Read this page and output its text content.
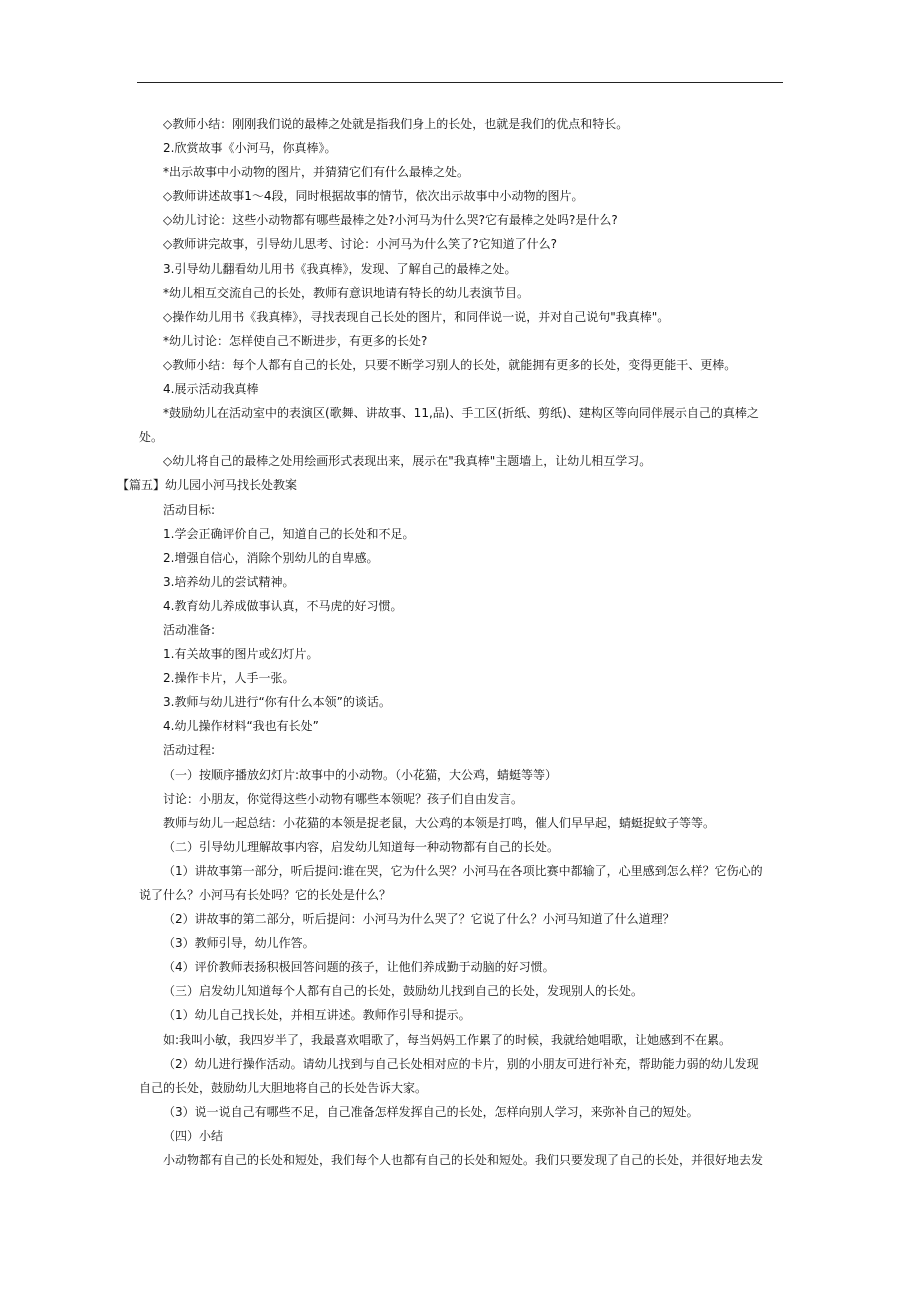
◇教师小结：刚刚我们说的最棒之处就是指我们身上的长处，也就是我们的优点和特长。
2.欣赏故事《小河马，你真棒》。
*出示故事中小动物的图片，并猜猜它们有什么最棒之处。
◇教师讲述故事1～4段，同时根据故事的情节，依次出示故事中小动物的图片。
◇幼儿讨论：这些小动物都有哪些最棒之处?小河马为什么哭?它有最棒之处吗?是什么?
◇教师讲完故事，引导幼儿思考、讨论：小河马为什么笑了?它知道了什么?
3.引导幼儿翻看幼儿用书《我真棒》，发现、了解自己的最棒之处。
*幼儿相互交流自己的长处，教师有意识地请有特长的幼儿表演节目。
◇操作幼儿用书《我真棒》，寻找表现自己长处的图片，和同伴说一说，并对自己说句"我真棒"。
*幼儿讨论：怎样使自己不断进步，有更多的长处?
◇教师小结：每个人都有自己的长处，只要不断学习别人的长处，就能拥有更多的长处，变得更能干、更棒。
4.展示活动我真棒
*鼓励幼儿在活动室中的表演区(歌舞、讲故事、11,品)、手工区(折纸、剪纸)、建构区等向同伴展示自己的真棒之
处。
◇幼儿将自己的最棒之处用绘画形式表现出来，展示在"我真棒"主题墙上，让幼儿相互学习。
【篇五】幼儿园小河马找长处教案
活动目标:
1.学会正确评价自己，知道自己的长处和不足。
2.增强自信心，消除个别幼儿的自卑感。
3.培养幼儿的尝试精神。
4.教育幼儿养成做事认真，不马虎的好习惯。
活动准备:
1.有关故事的图片或幻灯片。
2.操作卡片，人手一张。
3.教师与幼儿进行“你有什么本领”的谈话。
4.幼儿操作材料“我也有长处”
活动过程:
（一）按顺序播放幻灯片:故事中的小动物。（小花猫，大公鸡，蜻蜓等等）
讨论：小朋友，你觉得这些小动物有哪些本领呢？孩子们自由发言。
教师与幼儿一起总结：小花猫的本领是捉老鼠，大公鸡的本领是打鸣，催人们早早起，蜻蜓捉蚊子等等。
（二）引导幼儿理解故事内容，启发幼儿知道每一种动物都有自己的长处。
（1）讲故事第一部分，听后提问:谁在哭，它为什么哭？小河马在各项比赛中都输了，心里感到怎么样？它伤心的
说了什么？小河马有长处吗？它的长处是什么？
（2）讲故事的第二部分，听后提问：小河马为什么哭了？它说了什么？小河马知道了什么道理？
（3）教师引导，幼儿作答。
（4）评价教师表扬积极回答问题的孩子，让他们养成勤于动脑的好习惯。
（三）启发幼儿知道每个人都有自己的长处，鼓励幼儿找到自己的长处，发现别人的长处。
（1）幼儿自己找长处，并相互讲述。教师作引导和提示。
如:我叫小敏，我四岁半了，我最喜欢唱歌了，每当妈妈工作累了的时候，我就给她唱歌，让她感到不在累。
（2）幼儿进行操作活动。请幼儿找到与自己长处相对应的卡片，别的小朋友可进行补充，帮助能力弱的幼儿发现
自己的长处，鼓励幼儿大胆地将自己的长处告诉大家。
（3）说一说自己有哪些不足，自己准备怎样发挥自己的长处，怎样向别人学习，来弥补自己的短处。
（四）小结
小动物都有自己的长处和短处，我们每个人也都有自己的长处和短处。我们只要发现了自己的长处，并很好地去发
